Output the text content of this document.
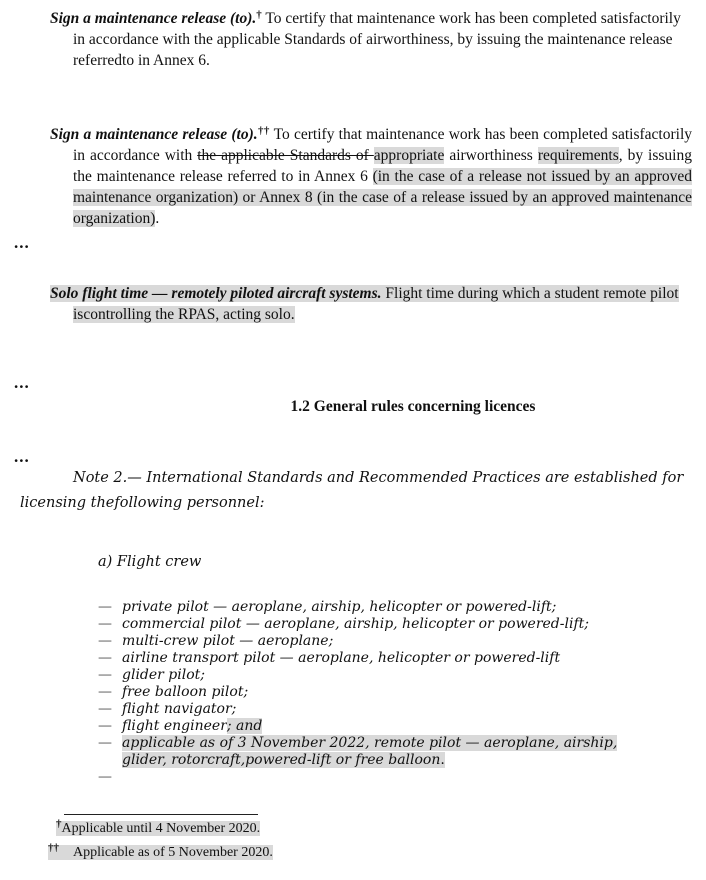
Sign a maintenance release (to).† To certify that maintenance work has been completed satisfactorily in accordance with the applicable Standards of airworthiness, by issuing the maintenance release referredto in Annex 6.
Sign a maintenance release (to).†† To certify that maintenance work has been completed satisfactorily in accordance with the applicable Standards of appropriate airworthiness requirements, by issuing the maintenance release referred to in Annex 6 (in the case of a release not issued by an approved maintenance organization) or Annex 8 (in the case of a release issued by an approved maintenance organization).
...
Solo flight time — remotely piloted aircraft systems. Flight time during which a student remote pilot iscontrolling the RPAS, acting solo.
...
1.2 General rules concerning licences
...
Note 2.— International Standards and Recommended Practices are established for licensing thefollowing personnel:
a) Flight crew
— private pilot — aeroplane, airship, helicopter or powered-lift;
— commercial pilot — aeroplane, airship, helicopter or powered-lift;
— multi-crew pilot — aeroplane;
— airline transport pilot — aeroplane, helicopter or powered-lift
— glider pilot;
— free balloon pilot;
— flight navigator;
— flight engineer; and
— applicable as of 3 November 2022, remote pilot — aeroplane, airship, glider, rotorcraft,powered-lift or free balloon.
—

†Applicable until 4 November 2020.
†† Applicable as of 5 November 2020.
